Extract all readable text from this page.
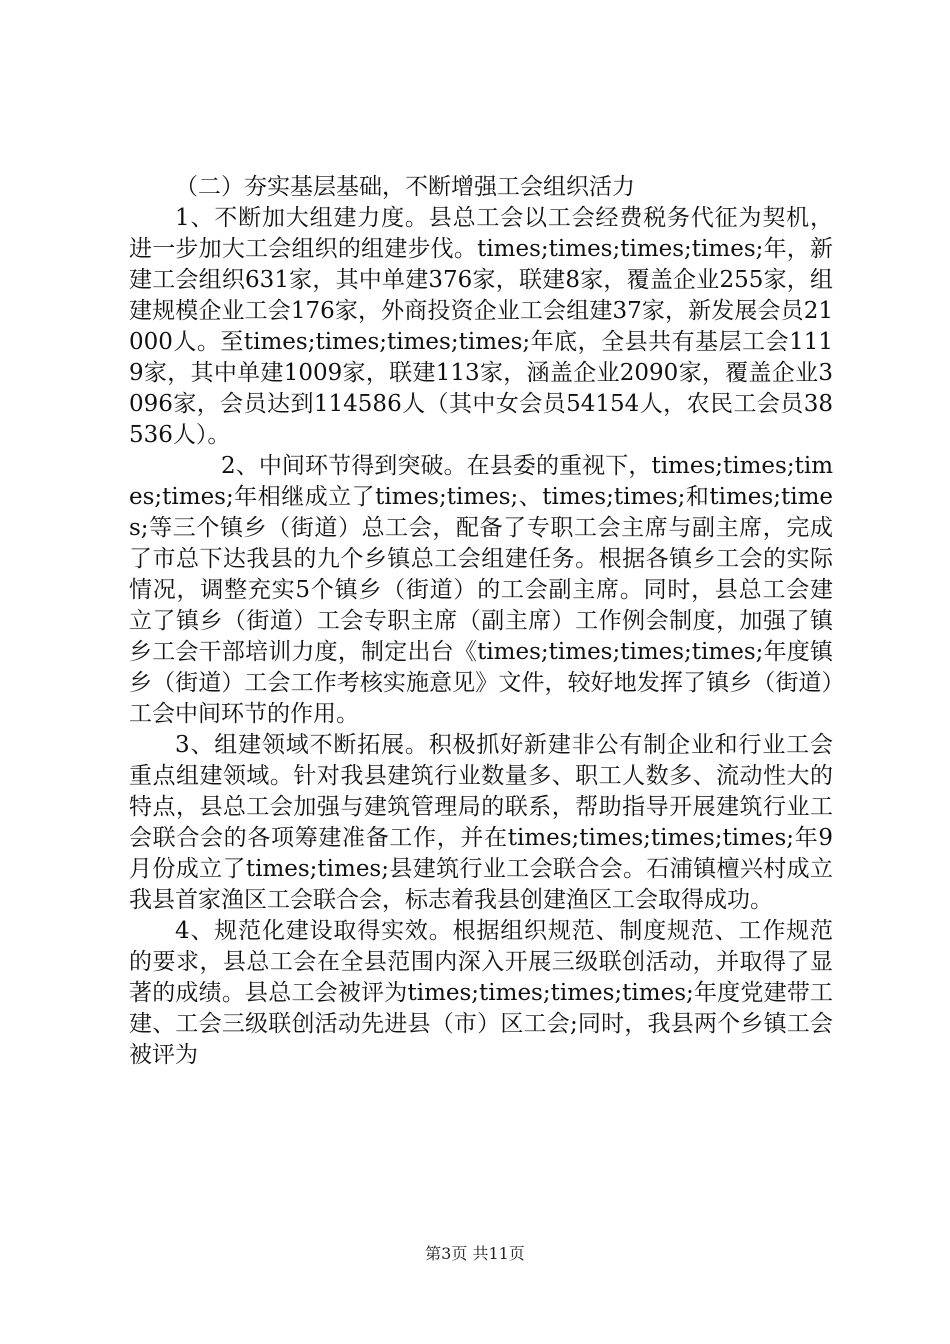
（二）夯实基层基础，不断增强工会组织活力

1、不断加大组建力度。县总工会以工会经费税务代征为契机，进一步加大工会组织的组建步伐。times;times;times;times;年，新建工会组织631家，其中单建376家，联建8家，覆盖企业255家，组建规模企业工会176家，外商投资企业工会组建37家，新发展会员21000人。至times;times;times;times;年底，全县共有基层工会1119家，其中单建1009家，联建113家，涵盖企业2090家，覆盖企业3096家，会员达到114586人（其中女会员54154人，农民工会员38536人）。

2、中间环节得到突破。在县委的重视下，times;times;times;times;年相继成立了times;times;、times;times;和times;times;等三个镇乡（街道）总工会，配备了专职工会主席与副主席，完成了市总下达我县的九个乡镇总工会组建任务。根据各镇乡工会的实际情况，调整充实5个镇乡（街道）的工会副主席。同时，县总工会建立了镇乡（街道）工会专职主席（副主席）工作例会制度，加强了镇乡工会干部培训力度，制定出台《times;times;times;times;年度镇乡（街道）工会工作考核实施意见》文件，较好地发挥了镇乡（街道）工会中间环节的作用。

3、组建领域不断拓展。积极抓好新建非公有制企业和行业工会重点组建领域。针对我县建筑行业数量多、职工人数多、流动性大的特点，县总工会加强与建筑管理局的联系，帮助指导开展建筑行业工会联合会的各项筹建准备工作，并在times;times;times;times;年9月份成立了times;times;县建筑行业工会联合会。石浦镇檀兴村成立我县首家渔区工会联合会，标志着我县创建渔区工会取得成功。

4、规范化建设取得实效。根据组织规范、制度规范、工作规范的要求，县总工会在全县范围内深入开展三级联创活动，并取得了显著的成绩。县总工会被评为times;times;times;times;年度党建带工建、工会三级联创活动先进县（市）区工会;同时，我县两个乡镇工会被评为

第3页 共11页
